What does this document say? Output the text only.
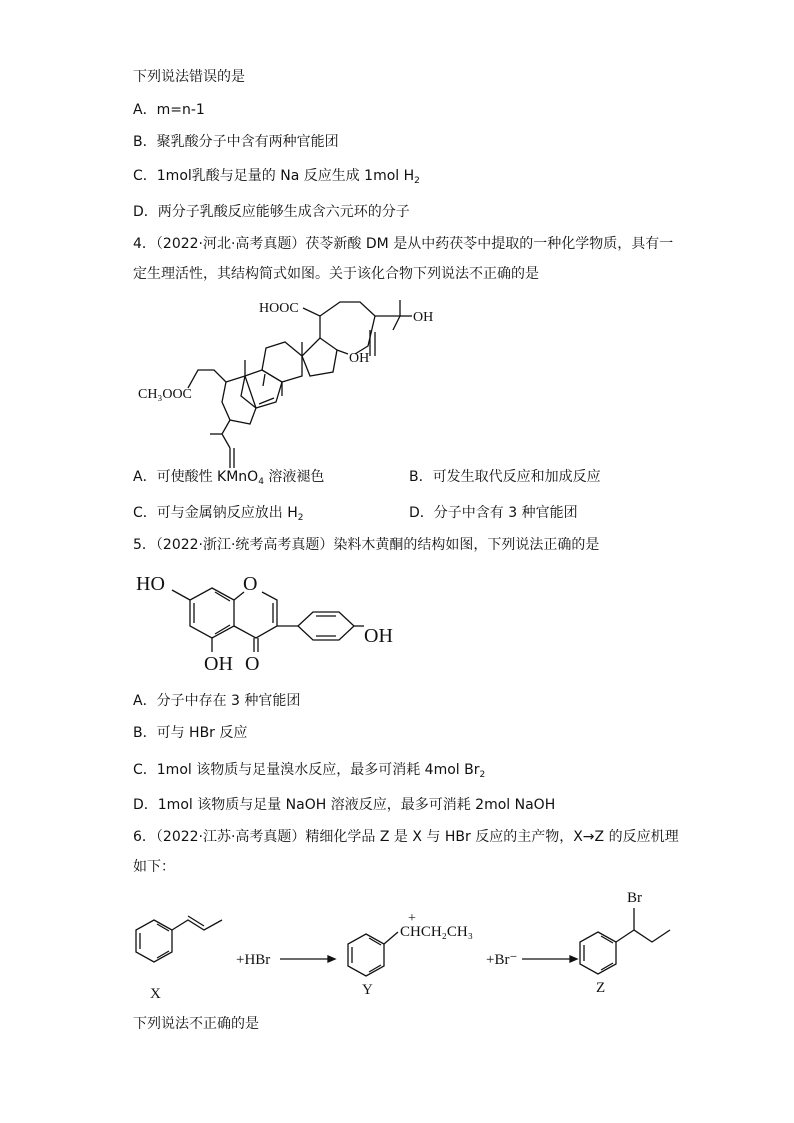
下列说法错误的是
A．m=n-1
B．聚乳酸分子中含有两种官能团
C．1mol乳酸与足量的 Na 反应生成 1mol $H_2$
D．两分子乳酸反应能够生成含六元环的分子
4．（2022·河北·高考真题）茯苓新酸 DM 是从中药茯苓中提取的一种化学物质，具有一
定生理活性，其结构简式如图。关于该化合物下列说法不正确的是
HOOC
OH
OH
CH₃OOC
A．可使酸性 KMnO$_4$ 溶液褪色	B．可发生取代反应和加成反应
C．可与金属钠反应放出 $H_2$	D．分子中含有 3 种官能团
5．（2022·浙江·统考高考真题）染料木黄酮的结构如图，下列说法正确的是
HO	O
OH
OH O
A．分子中存在 3 种官能团
B．可与 HBr 反应
C．1mol 该物质与足量溴水反应，最多可消耗 4mol $Br_2$
D．1mol 该物质与足量 NaOH 溶液反应，最多可消耗 2mol NaOH
6．（2022·江苏·高考真题）精细化学品 Z 是 X 与 HBr 反应的主产物，X→Z 的反应机理
如下：
X
+HBr
+
CHCH₂CH₃
Y
+Br⁻
Br
Z
下列说法不正确的是
